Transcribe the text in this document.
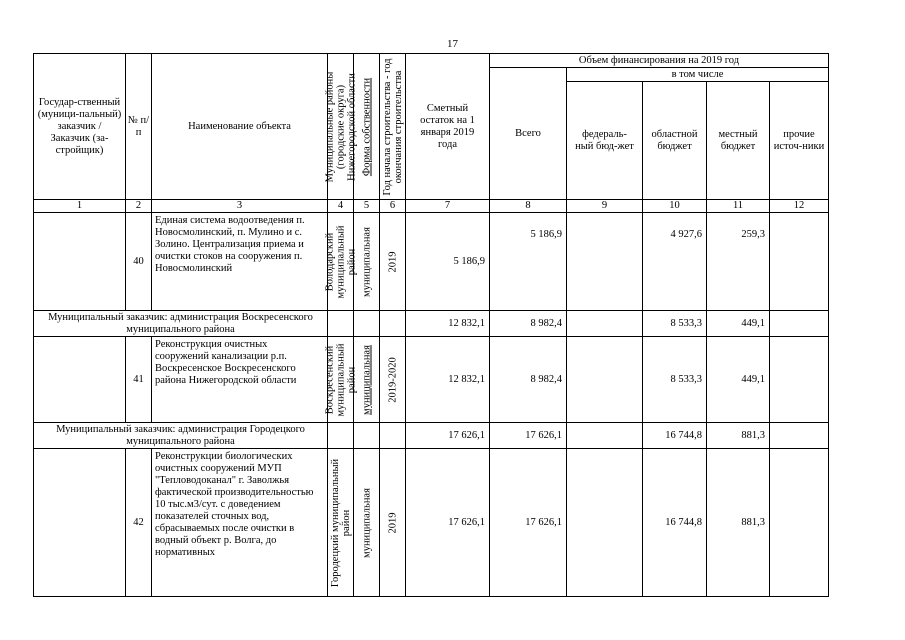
17
Государ-ственный (муници-пальный) заказчик / Заказчик (за-стройщик)	№ п/п	Наименование объекта	Муниципальные районы (городские округа) Нижегородской области	Форма собственности	Год начала строительства - год окончания строительства	Сметный остаток на 1 января 2019 года	Объем финансирования на 2019 год				
							Всего	в том числе			
								федераль-ный бюд-жет	областной бюджет	местный бюджет	прочие источ-ники
1	2	3	4	5	6	7	8	9	10	11	12
	40	Единая система водоотведения п. Новосмолинский, п. Мулино и с. Золино. Централизация приема и очистки стоков на сооружения п. Новосмолинский	Володарский муниципальный район	муниципальная	2019	5 186,9	5 186,9		4 927,6	259,3	
Муниципальный заказчик: администрация Воскресенского муниципального района						12 832,1	8 982,4		8 533,3	449,1	
	41	Реконструкция очистных сооружений канализации р.п. Воскресенское Воскресенского района Нижегородской области	Воскресенский муниципальный район	муниципальная	2019-2020	12 832,1	8 982,4		8 533,3	449,1	
Муниципальный заказчик: администрация Городецкого муниципального района						17 626,1	17 626,1		16 744,8	881,3	
	42	Реконструкции биологических очистных сооружений МУП "Тепловодоканал" г. Заволжья фактической производительностью 10 тыс.м3/сут. с доведением показателей сточных вод, сбрасываемых после очистки в водный объект р. Волга, до нормативных	Городецкий муниципальный район	муниципальная	2019	17 626,1	17 626,1		16 744,8	881,3	
